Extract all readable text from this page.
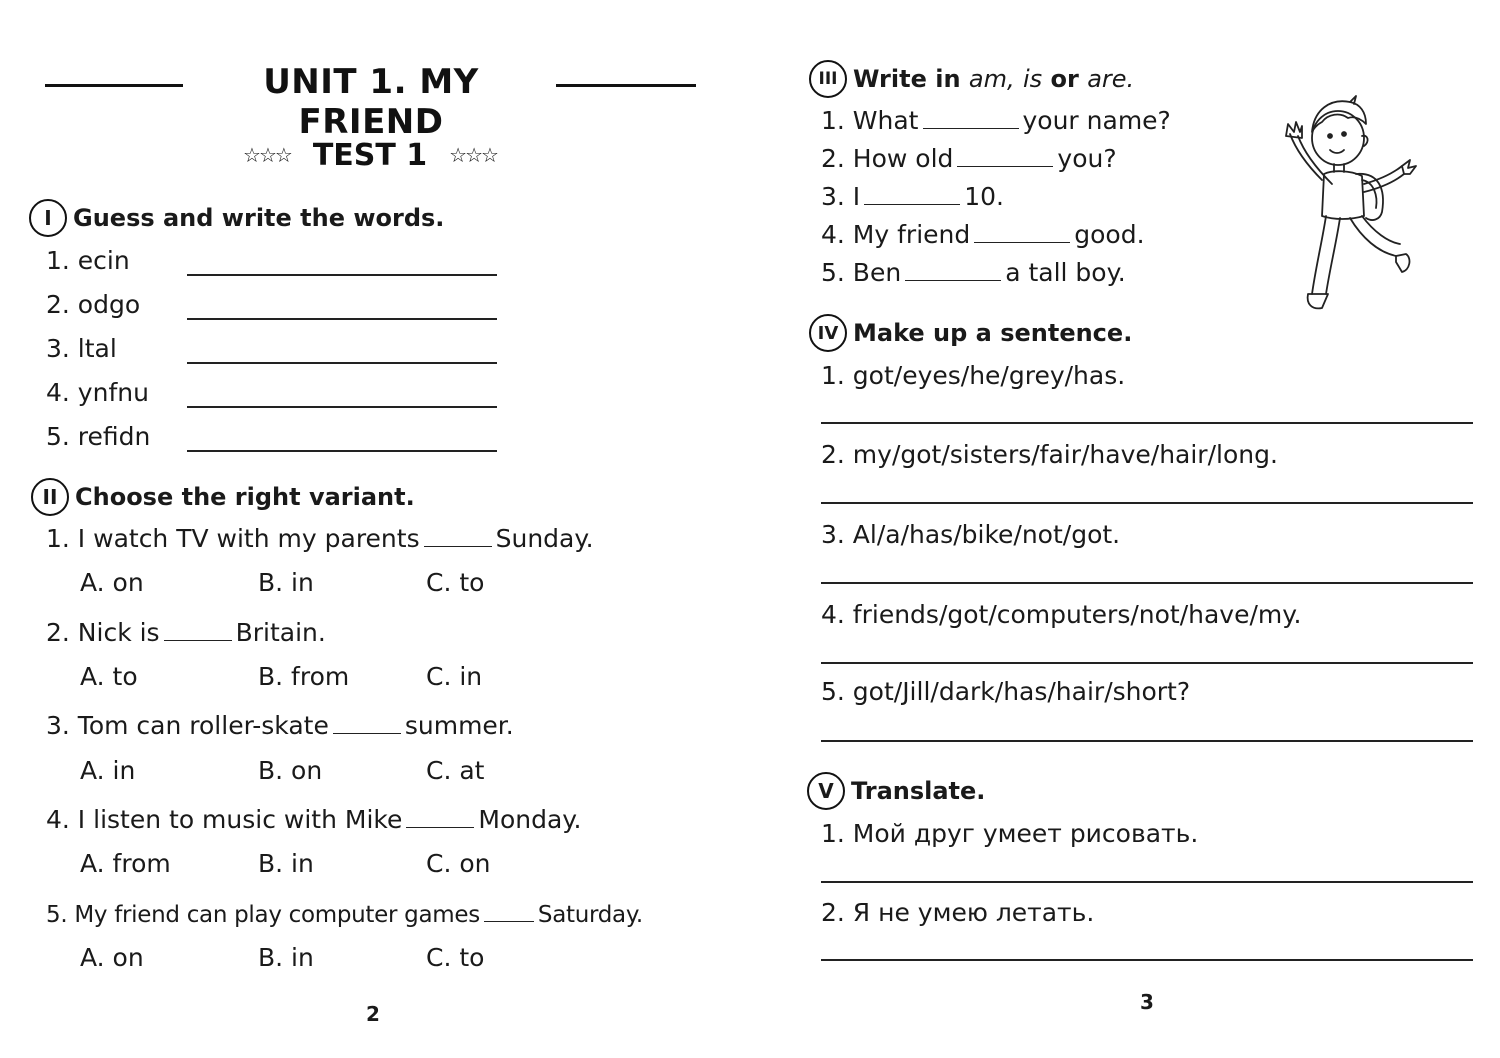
UNIT 1. MY FRIEND
☆☆☆ TEST 1 ☆☆☆
I Guess and write the words.
1. ecin
2. odgo
3. ltal
4. ynfnu
5. refidn
II Choose the right variant.
1. I watch TV with my parents	Sunday.
A. on	B. in	C. to
2. Nick is	Britain.
A. to	B. from	C. in
3. Tom can roller-skate	summer.
A. in	B. on	C. at
4. I listen to music with Mike	Monday.
A. from	B. in	C. on
5. My friend can play computer games	Saturday.
A. on	B. in	C. to
2
III Write in am, is or are.
1. What	your name?
2. How old	you?
3. I	10.
4. My friend	good.
5. Ben	a tall boy.
IV Make up a sentence.
1. got/eyes/he/grey/has.
2. my/got/sisters/fair/have/hair/long.
3. Al/a/has/bike/not/got.
4. friends/got/computers/not/have/my.
5. got/Jill/dark/has/hair/short?
V Translate.
1. Мой друг умеет рисовать.
2. Я не умею летать.
3
